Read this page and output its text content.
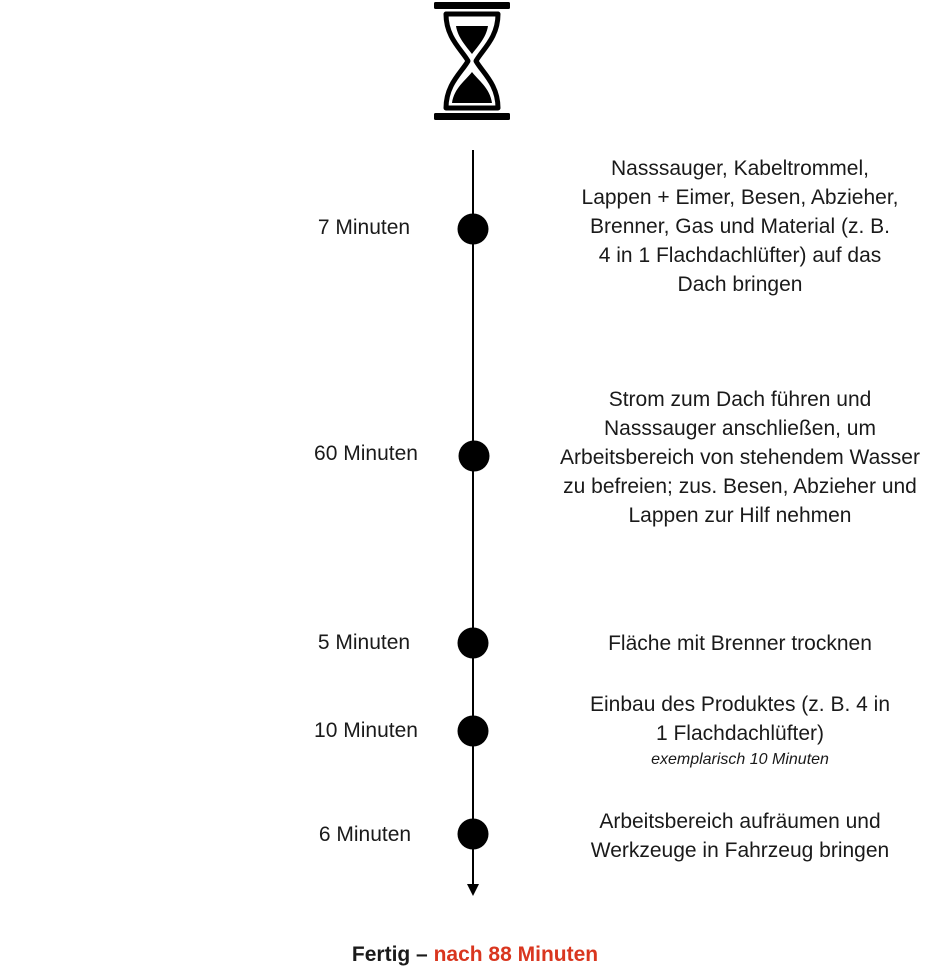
7 Minuten
60 Minuten
5 Minuten
10 Minuten
6 Minuten
Nasssauger, Kabeltrommel,
Lappen + Eimer, Besen, Abzieher,
Brenner, Gas und Material (z. B.
4 in 1 Flachdachlüfter) auf das
Dach bringen
Strom zum Dach führen und
Nasssauger anschließen, um
Arbeitsbereich von stehendem Wasser
zu befreien; zus. Besen, Abzieher und
Lappen zur Hilf nehmen
Fläche mit Brenner trocknen
Einbau des Produktes (z. B. 4 in
1 Flachdachlüfter)
exemplarisch 10 Minuten
Arbeitsbereich aufräumen und
Werkzeuge in Fahrzeug bringen
Fertig – nach 88 Minuten
